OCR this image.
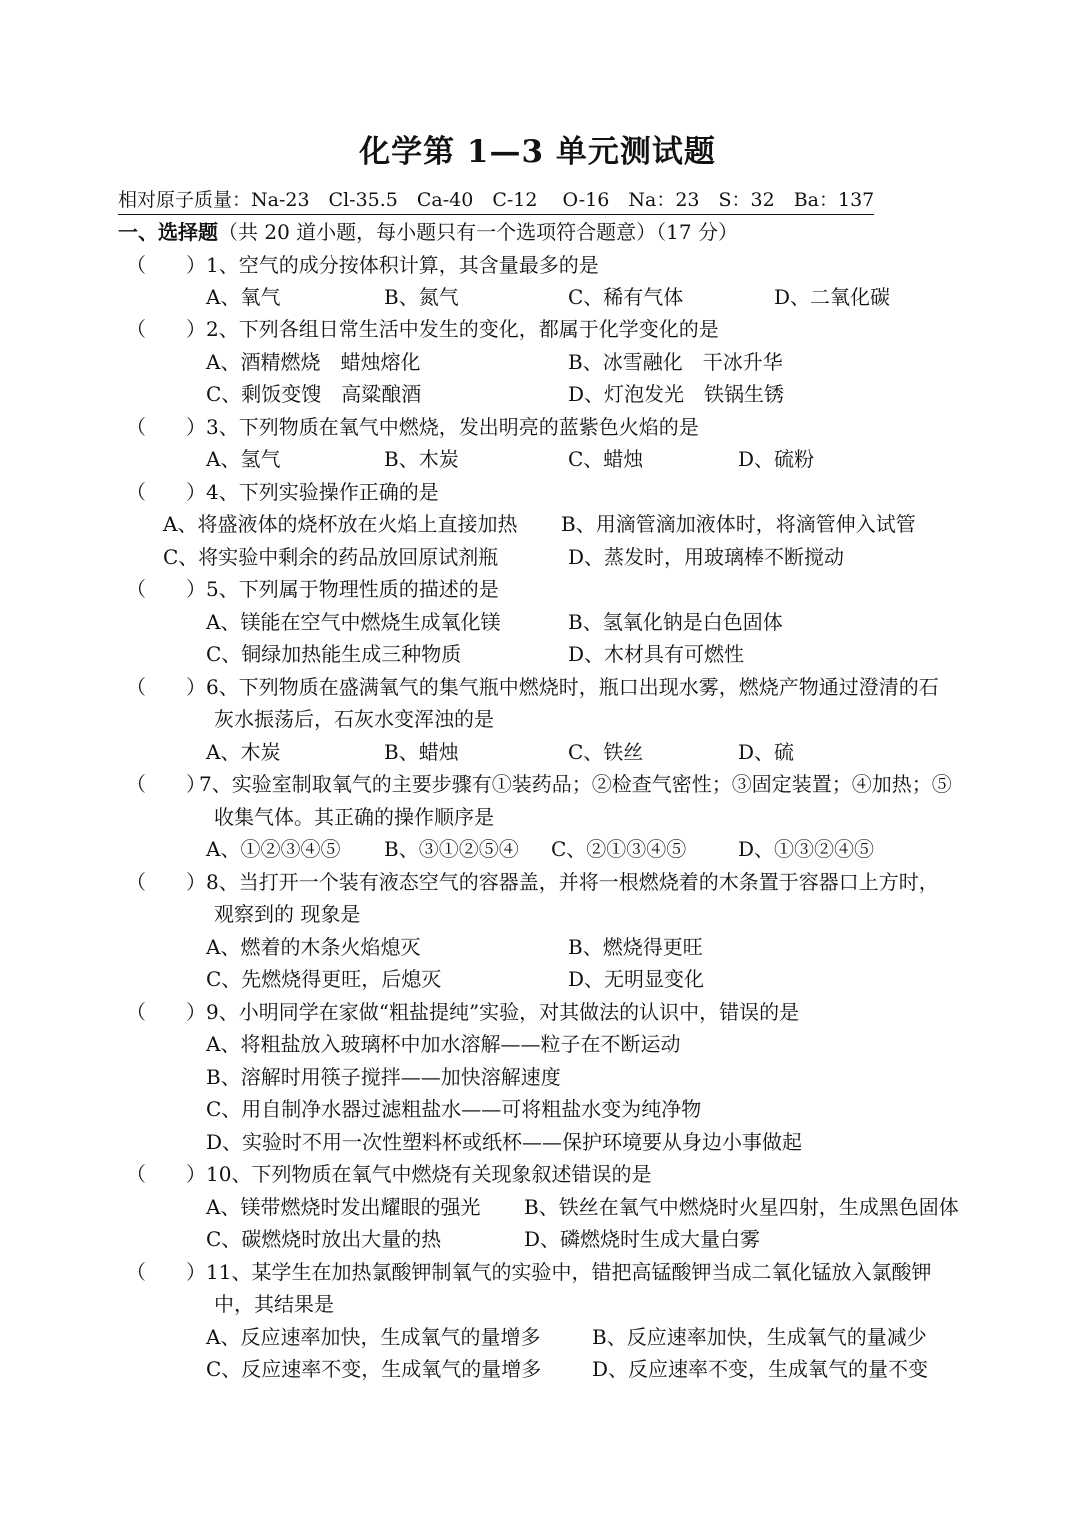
化学第 1—3 单元测试题
相对原子质量：Na-23　Cl-35.5　Ca-40　C-12　 O-16　Na：23　S：32　Ba：137
一、选择题（共 20 道小题，每小题只有一个选项符合题意）（17 分）
（　　） 1、空气的成分按体积计算，其含量最多的是
A、氧气	B、氮气	C、稀有气体	D、二氧化碳
（　　） 2、下列各组日常生活中发生的变化，都属于化学变化的是
A、酒精燃烧　蜡烛熔化	B、冰雪融化　干冰升华
C、剩饭变馊　高粱酿酒	D、灯泡发光　铁锅生锈
（　　） 3、下列物质在氧气中燃烧，发出明亮的蓝紫色火焰的是
A、氢气	B、木炭	C、蜡烛	D、硫粉
（　　） 4、下列实验操作正确的是
A、将盛液体的烧杯放在火焰上直接加热 B、用滴管滴加液体时，将滴管伸入试管
C、将实验中剩余的药品放回原试剂瓶	D、蒸发时，用玻璃棒不断搅动
（　　） 5、下列属于物理性质的描述的是
A、镁能在空气中燃烧生成氧化镁	B、氢氧化钠是白色固体
C、铜绿加热能生成三种物质	D、木材具有可燃性
（　　） 6、下列物质在盛满氧气的集气瓶中燃烧时，瓶口出现水雾，燃烧产物通过澄清的石
灰水振荡后，石灰水变浑浊的是
A、木炭	B、蜡烛	C、铁丝	D、硫
（　　）
7、实验室制取氧气的主要步骤有①装药品；②检查气密性；③固定装置；④加热；⑤
收集气体。其正确的操作顺序是
A、①②③④⑤ B、③①②⑤④ C、②①③④⑤	D、①③②④⑤
（　　） 8、当打开一个装有液态空气的容器盖，并将一根燃烧着的木条置于容器口上方时，
观察到的 现象是
A、燃着的木条火焰熄灭	B、燃烧得更旺
C、先燃烧得更旺，后熄灭	D、无明显变化
（　　） 9、小明同学在家做“粗盐提纯”实验，对其做法的认识中，错误的是
A、将粗盐放入玻璃杯中加水溶解——粒子在不断运动
B、溶解时用筷子搅拌——加快溶解速度
C、用自制净水器过滤粗盐水——可将粗盐水变为纯净物
D、实验时不用一次性塑料杯或纸杯——保护环境要从身边小事做起
（　　） 10、下列物质在氧气中燃烧有关现象叙述错误的是
A、镁带燃烧时发出耀眼的强光 B、铁丝在氧气中燃烧时火星四射，生成黑色固体
C、碳燃烧时放出大量的热	D、磷燃烧时生成大量白雾
（　　） 11、某学生在加热氯酸钾制氧气的实验中，错把高锰酸钾当成二氧化锰放入氯酸钾
中，其结果是
A、反应速率加快，生成氧气的量增多	B、反应速率加快，生成氧气的量减少
C、反应速率不变，生成氧气的量增多	D、反应速率不变，生成氧气的量不变
